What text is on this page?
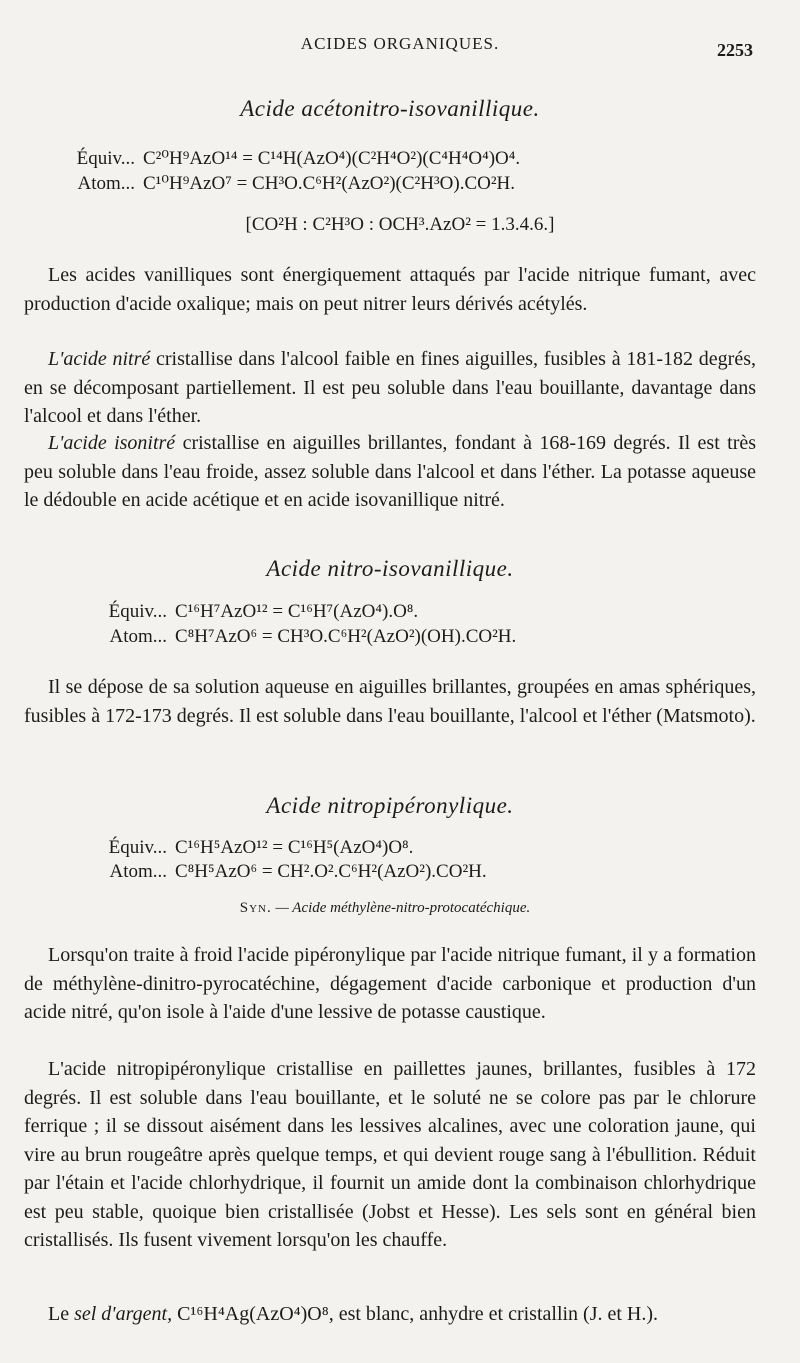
ACIDES ORGANIQUES.	2253
Acide acétonitro-isovanillique.
Équiv... C²⁰H⁹AzO¹⁴ = C¹⁴H(AzO⁴)(C²H⁴O²)(C⁴H⁴O⁴)O⁴.
Atom... C¹⁰H⁹AzO⁷ = CH³O.C⁶H²(AzO²)(C²H³O).CO²H.
[CO²H : C²H³O : OCH³.AzO² = 1.3.4.6.]

Les acides vanilliques sont énergiquement attaqués par l'acide nitrique fumant, avec production d'acide oxalique; mais on peut nitrer leurs dérivés acétylés.

L'acide nitré cristallise dans l'alcool faible en fines aiguilles, fusibles à 181-182 degrés, en se décomposant partiellement. Il est peu soluble dans l'eau bouillante, davantage dans l'alcool et dans l'éther.

L'acide isonitré cristallise en aiguilles brillantes, fondant à 168-169 degrés. Il est très peu soluble dans l'eau froide, assez soluble dans l'alcool et dans l'éther. La potasse aqueuse le dédouble en acide acétique et en acide isovanillique nitré.

Acide nitro-isovanillique.
Équiv... C¹⁶H⁷AzO¹² = C¹⁶H⁷(AzO⁴).O⁸.
Atom... C⁸H⁷AzO⁶ = CH³O.C⁶H²(AzO²)(OH).CO²H.

Il se dépose de sa solution aqueuse en aiguilles brillantes, groupées en amas sphériques, fusibles à 172-173 degrés. Il est soluble dans l'eau bouillante, l'alcool et l'éther (Matsmoto).

Acide nitropipéronylique.
Équiv... C¹⁶H⁵AzO¹² = C¹⁶H⁵(AzO⁴)O⁸.
Atom... C⁸H⁵AzO⁶ = CH².O².C⁶H²(AzO²).CO²H.
Syn. — Acide méthylène-nitro-protocatéchique.

Lorsqu'on traite à froid l'acide pipéronylique par l'acide nitrique fumant, il y a formation de méthylène-dinitro-pyrocatéchine, dégagement d'acide carbonique et production d'un acide nitré, qu'on isole à l'aide d'une lessive de potasse caustique.

L'acide nitropipéronylique cristallise en paillettes jaunes, brillantes, fusibles à 172 degrés. Il est soluble dans l'eau bouillante, et le soluté ne se colore pas par le chlorure ferrique ; il se dissout aisément dans les lessives alcalines, avec une coloration jaune, qui vire au brun rougeâtre après quelque temps, et qui devient rouge sang à l'ébullition. Réduit par l'étain et l'acide chlorhydrique, il fournit un amide dont la combinaison chlorhydrique est peu stable, quoique bien cristallisée (Jobst et Hesse). Les sels sont en général bien cristallisés. Ils fusent vivement lorsqu'on les chauffe.

Le sel d'argent, C¹⁶H⁴Ag(AzO⁴)O⁸, est blanc, anhydre et cristallin (J. et H.).
